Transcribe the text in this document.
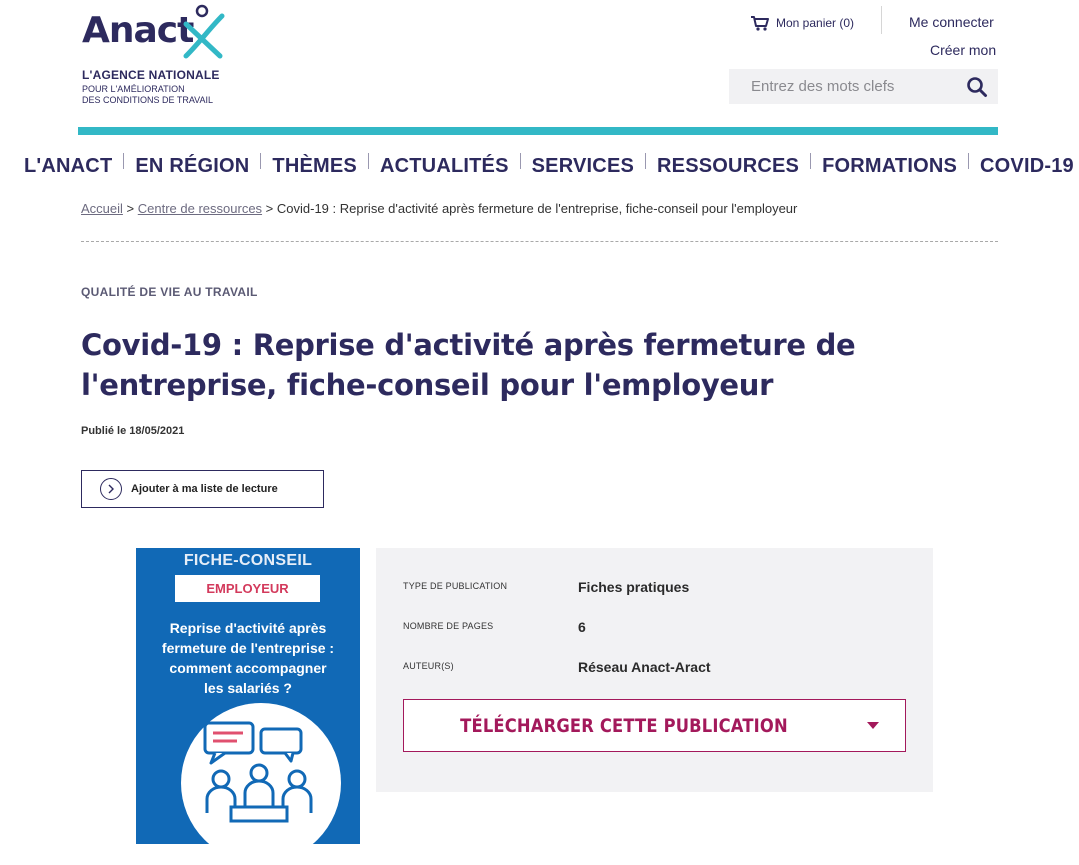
Anact
L'AGENCE NATIONALE
POUR L'AMÉLIORATION
DES CONDITIONS DE TRAVAIL
Mon panier (0)	Me connecter
Créer mon
Entrez des mots clefs
L'ANACT EN RÉGION THÈMES ACTUALITÉS SERVICES RESSOURCES FORMATIONS COVID-19
Accueil > Centre de ressources > Covid-19 : Reprise d'activité après fermeture de l'entreprise, fiche-conseil pour l'employeur
QUALITÉ DE VIE AU TRAVAIL
Covid-19 : Reprise d'activité après fermeture de l'entreprise, fiche-conseil pour l'employeur
Publié le 18/05/2021
Ajouter à ma liste de lecture
FICHE-CONSEIL
EMPLOYEUR
Reprise d'activité après
fermeture de l'entreprise :
comment accompagner
les salariés ?
TYPE DE PUBLICATION	Fiches pratiques
NOMBRE DE PAGES	6
AUTEUR(S)	Réseau Anact-Aract
TÉLÉCHARGER CETTE PUBLICATION
